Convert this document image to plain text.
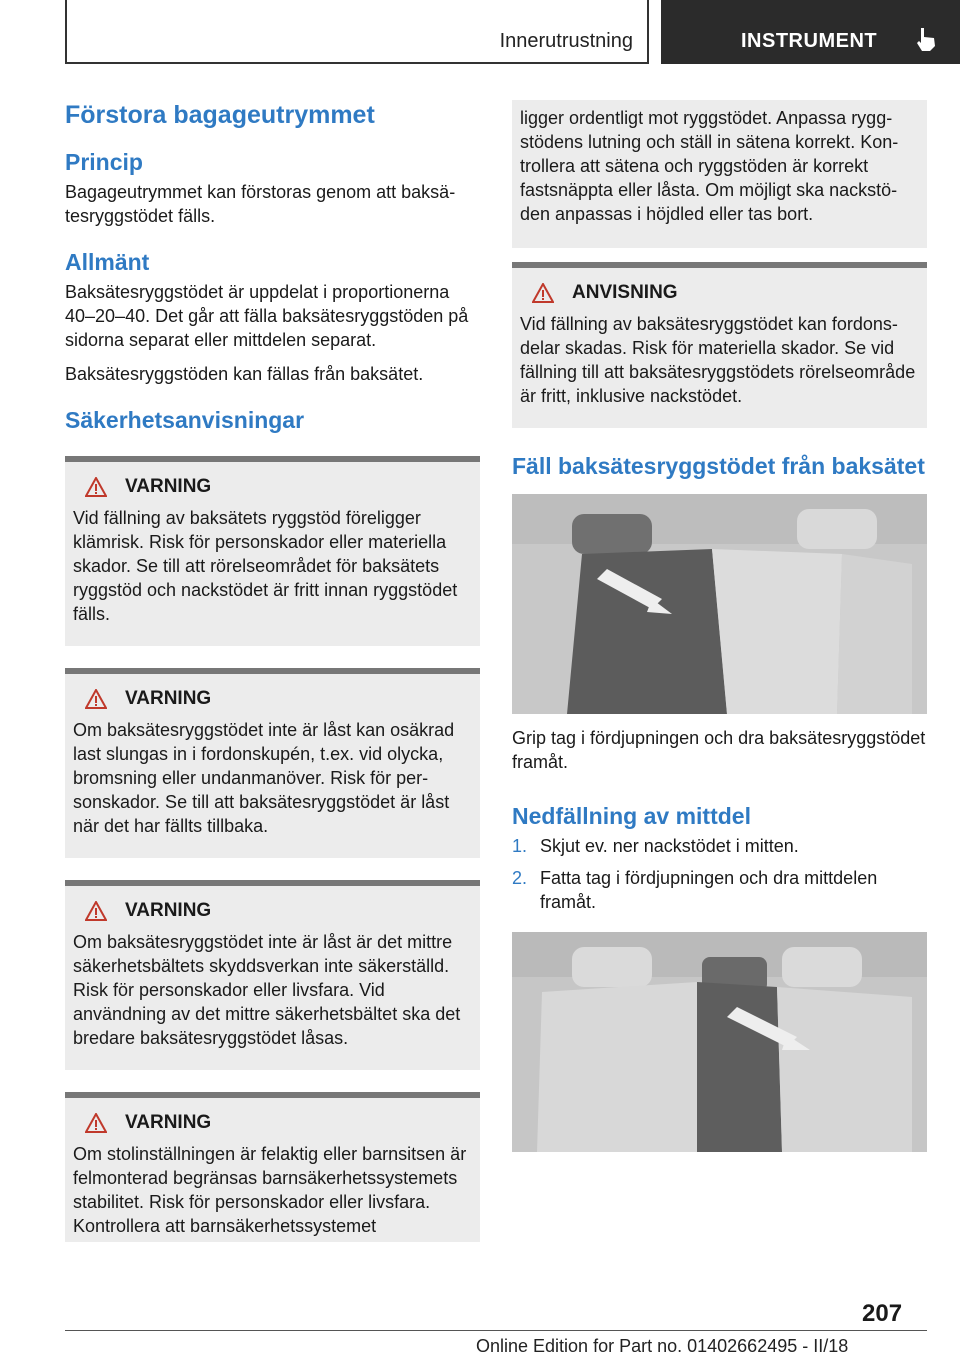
Innerutrustning	INSTRUMENT
Förstora bagageutrymmet
Princip

Bagageutrymmet kan förstoras genom att baksätesryggstödet fälls.

Allmänt

Baksätesryggstödet är uppdelat i proportionerna 40–20–40. Det går att fälla baksätesryggstöden på sidorna separat eller mittdelen separat.

Baksätesryggstöden kan fällas från baksätet.

Säkerhetsanvisningar
VARNING

Vid fällning av baksätets ryggstöd föreligger klämrisk. Risk för personskador eller materiella skador. Se till att rörelseområdet för baksätets ryggstöd och nackstödet är fritt innan ryggstödet fälls.

VARNING

Om baksätesryggstödet inte är låst kan osäkrad last slungas in i fordonskupén, t.ex. vid olycka, bromsning eller undanmanöver. Risk för personskador. Se till att baksätesryggstödet är låst när det har fällts tillbaka.

VARNING

Om baksätesryggstödet inte är låst är det mittre säkerhetsbältets skyddsverkan inte säkerställd. Risk för personskador eller livsfara. Vid användning av det mittre säkerhetsbältet ska det bredare baksätesryggstödet låsas.

VARNING

Om stolinställningen är felaktig eller barnsitsen är felmonterad begränsas barnsäkerhetssystemets stabilitet. Risk för personskador eller livsfara. Kontrollera att barnsäkerhetssystemet

ligger ordentligt mot ryggstödet. Anpassa ryggstödens lutning och ställ in sätena korrekt. Kontrollera att sätena och ryggstöden är korrekt fastsnäppta eller låsta. Om möjligt ska nackstöden anpassas i höjdled eller tas bort.

ANVISNING

Vid fällning av baksätesryggstödet kan fordonsdelar skadas. Risk för materiella skador. Se vid fällning till att baksätesryggstödets rörelseområde är fritt, inklusive nackstödet.

Fäll baksätesryggstödet från baksätet

Grip tag i fördjupningen och dra baksätesryggstödet framåt.

Nedfällning av mittdel
1. Skjut ev. ner nackstödet i mitten.
2. Fatta tag i fördjupningen och dra mittdelen framåt.
207
Online Edition for Part no. 01402662495 - II/18
